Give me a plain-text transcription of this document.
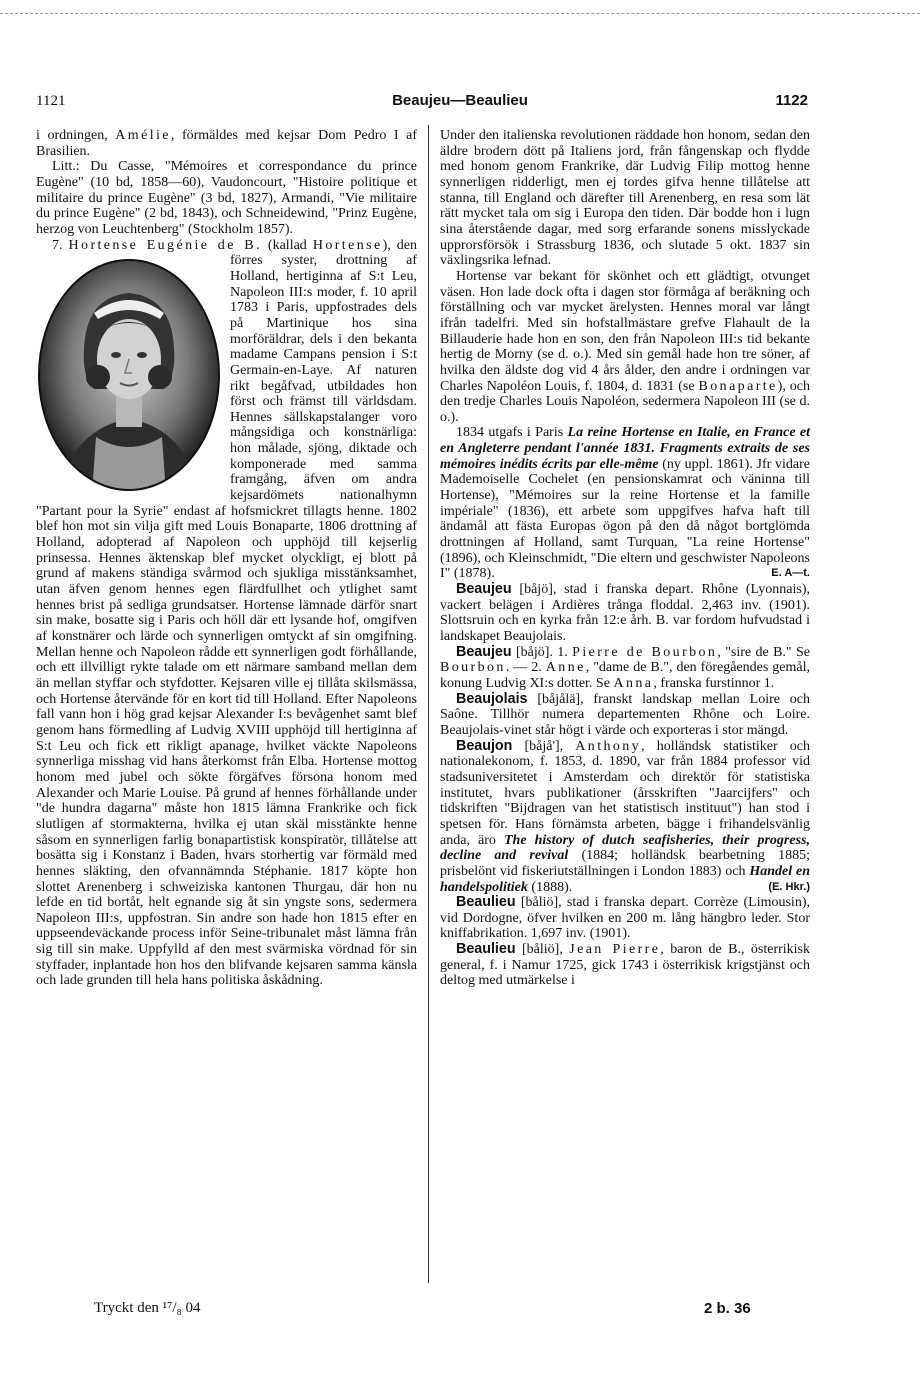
1121	Beaujeu—Beaulieu	1122

i ordningen, Amélie, förmäldes med kejsar Dom Pedro I af Brasilien.

Litt.: Du Casse, "Mémoires et correspondance du prince Eugène" (10 bd, 1858—60), Vaudoncourt, "Histoire politique et militaire du prince Eugène" (3 bd, 1827), Armandi, "Vie militaire du prince Eugène" (2 bd, 1843), och Schneidewind, "Prinz Eugène, herzog von Leuchtenberg" (Stockholm 1857).

7. Hortense Eugénie de B. (kallad Hortense
), den förres syster, drottning af Holland, hertiginna af S:t Leu, Napoleon III:s moder, f. 10 april 1783 i Paris, uppfostrades dels på Martinique hos sina morföräldrar, dels i den bekanta madame Campans pension i S:t Germain-en-Laye. Af naturen rikt begåfvad, utbildades hon först och främst till världsdam. Hennes sällskapstalanger voro mångsidiga och konstnärliga: hon målade, sjöng, diktade och komponerade med samma framgång, äfven om andra kejsardömets nationalhymn "Partant pour la Syrie" endast af hofsmickret tillagts henne. 1802 blef hon mot sin vilja gift med Louis Bonaparte, 1806 drottning af Holland, adopterad af Napoleon och upphöjd till kejserlig prinsessa. Hennes äktenskap blef mycket olyckligt, ej blott på grund af makens ständiga svårmod och sjukliga misstänksamhet, utan äfven genom hennes egen flärdfullhet och ytlighet samt hennes brist på sedliga grundsatser. Hortense lämnade därför snart sin make, bosatte sig i Paris och höll där ett lysande hof, omgifven af konstnärer och lärde och synnerligen omtyckt af sin omgifning. Mellan henne och Napoleon rådde ett synnerligen godt förhållande, och ett illvilligt rykte talade om ett närmare samband mellan dem än mellan styffar och styfdotter. Kejsaren ville ej tillåta skilsmässa, och Hortense återvände för en kort tid till Holland. Efter Napoleons fall vann hon i hög grad kejsar Alexander I:s bevågenhet samt blef genom hans förmedling af Ludvig XVIII upphöjd till hertiginna af S:t Leu och fick ett rikligt apanage, hvilket väckte Napoleons synnerliga misshag vid hans återkomst från Elba. Hortense mottog honom med jubel och sökte förgäfves försona honom med Alexander och Marie Louise. På grund af hennes förhållande under "de hundra dagarna" måste hon 1815 lämna Frankrike och fick slutligen af stormakterna, hvilka ej utan skäl misstänkte henne såsom en synnerligen farlig bonapartistisk konspiratör, tillåtelse att bosätta sig i Konstanz i Baden, hvars storhertig var förmäld med hennes släkting, den ofvannämnda Stéphanie. 1817 köpte hon slottet Arenenberg i schweiziska kantonen Thurgau, där hon nu lefde en tid bortåt, helt egnande sig åt sin yngste sons, sedermera Napoleon III:s, uppfostran. Sin andre son hade hon 1815 efter en uppseendeväckande process inför Seine-tribunalet måst lämna från sig till sin make. Uppfylld af den mest svärmiska vördnad för sin styffader, inplantade hon hos den blifvande kejsaren samma känsla och lade grunden till hela hans politiska åskådning.

Under den italienska revolutionen räddade hon honom, sedan den äldre brodern dött på Italiens jord, från fångenskap och flydde med honom genom Frankrike, där Ludvig Filip mottog henne synnerligen ridderligt, men ej tordes gifva henne tillåtelse att stanna, till England och därefter till Arenenberg, en resa som lät rätt mycket tala om sig i Europa den tiden. Där bodde hon i lugn sina återstående dagar, med sorg erfarande sonens misslyckade upprorsförsök i Strassburg 1836, och slutade 5 okt. 1837 sin växlingsrika lefnad.

Hortense var bekant för skönhet och ett glädtigt, otvunget väsen. Hon lade dock ofta i dagen stor förmåga af beräkning och förställning och var mycket ärelysten. Hennes moral var långt ifrån tadelfri. Med sin hofstallmästare grefve Flahault de la Billauderie hade hon en son, den från Napoleon III:s tid bekante hertig de Morny (se d. o.). Med sin gemål hade hon tre söner, af hvilka den äldste dog vid 4 års ålder, den andre i ordningen var Charles Napoléon Louis, f. 1804, d. 1831 (se Bonaparte), och den tredje Charles Louis Napoléon, sedermera Napoleon III (se d. o.).

1834 utgafs i Paris La reine Hortense en Italie, en France et en Angleterre pendant l'année 1831. Fragments extraits de ses mémoires inédits écrits par elle-même (ny uppl. 1861). Jfr vidare Mademoiselle Cochelet (en pensionskamrat och väninna till Hortense), "Mémoires sur la reine Hortense et la famille impériale" (1836), ett arbete som uppgifves hafva haft till ändamål att fästa Europas ögon på den då något bortglömda drottningen af Holland, samt Turquan, "La reine Hortense" (1896), och Kleinschmidt, "Die eltern und geschwister Napoleons I" (1878).	E. A—t.

Beaujeu [båjö], stad i franska depart. Rhône (Lyonnais), vackert belägen i Ardières trånga floddal. 2,463 inv. (1901). Slottsruin och en kyrka från 12:e årh. B. var fordom hufvudstad i landskapet Beaujolais.

Beaujeu [båjö]. 1. Pierre de Bourbon, "sire de B." Se Bourbon. — 2. Anne, "dame de B.", den föregåendes gemål, konung Ludvig XI:s dotter. Se Anna, franska furstinnor 1.

Beaujolais [båjålä], franskt landskap mellan Loire och Saône. Tillhör numera departementen Rhône och Loire. Beaujolais-vinet står högt i värde och exporteras i stor mängd.

Beaujon [båjå'], Anthony, holländsk statistiker och nationalekonom, f. 1853, d. 1890, var från 1884 professor vid stadsuniversitetet i Amsterdam och direktör för statistiska institutet, hvars publikationer (årsskriften "Jaarcijfers" och tidskriften "Bijdragen van het statistisch instituut") han stod i spetsen för. Hans förnämsta arbeten, bägge i frihandelsvänlig anda, äro The history of dutch seafisheries, their progress, decline and revival (1884; holländsk bearbetning 1885; prisbelönt vid fiskeriutställningen i London 1883) och Handel en handelspolitiek (1888).	(E. Hkr.)

Beaulieu [båliö], stad i franska depart. Corrèze (Limousin), vid Dordogne, öfver hvilken en 200 m. lång hängbro leder. Stor kniffabrikation. 1,697 inv. (1901).

Beaulieu [båliö], Jean Pierre, baron de B., österrikisk general, f. i Namur 1725, gick 1743 i österrikisk krigstjänst och deltog med utmärkelse i

Tryckt den ¹⁷/₈ 04	2 b. 36
